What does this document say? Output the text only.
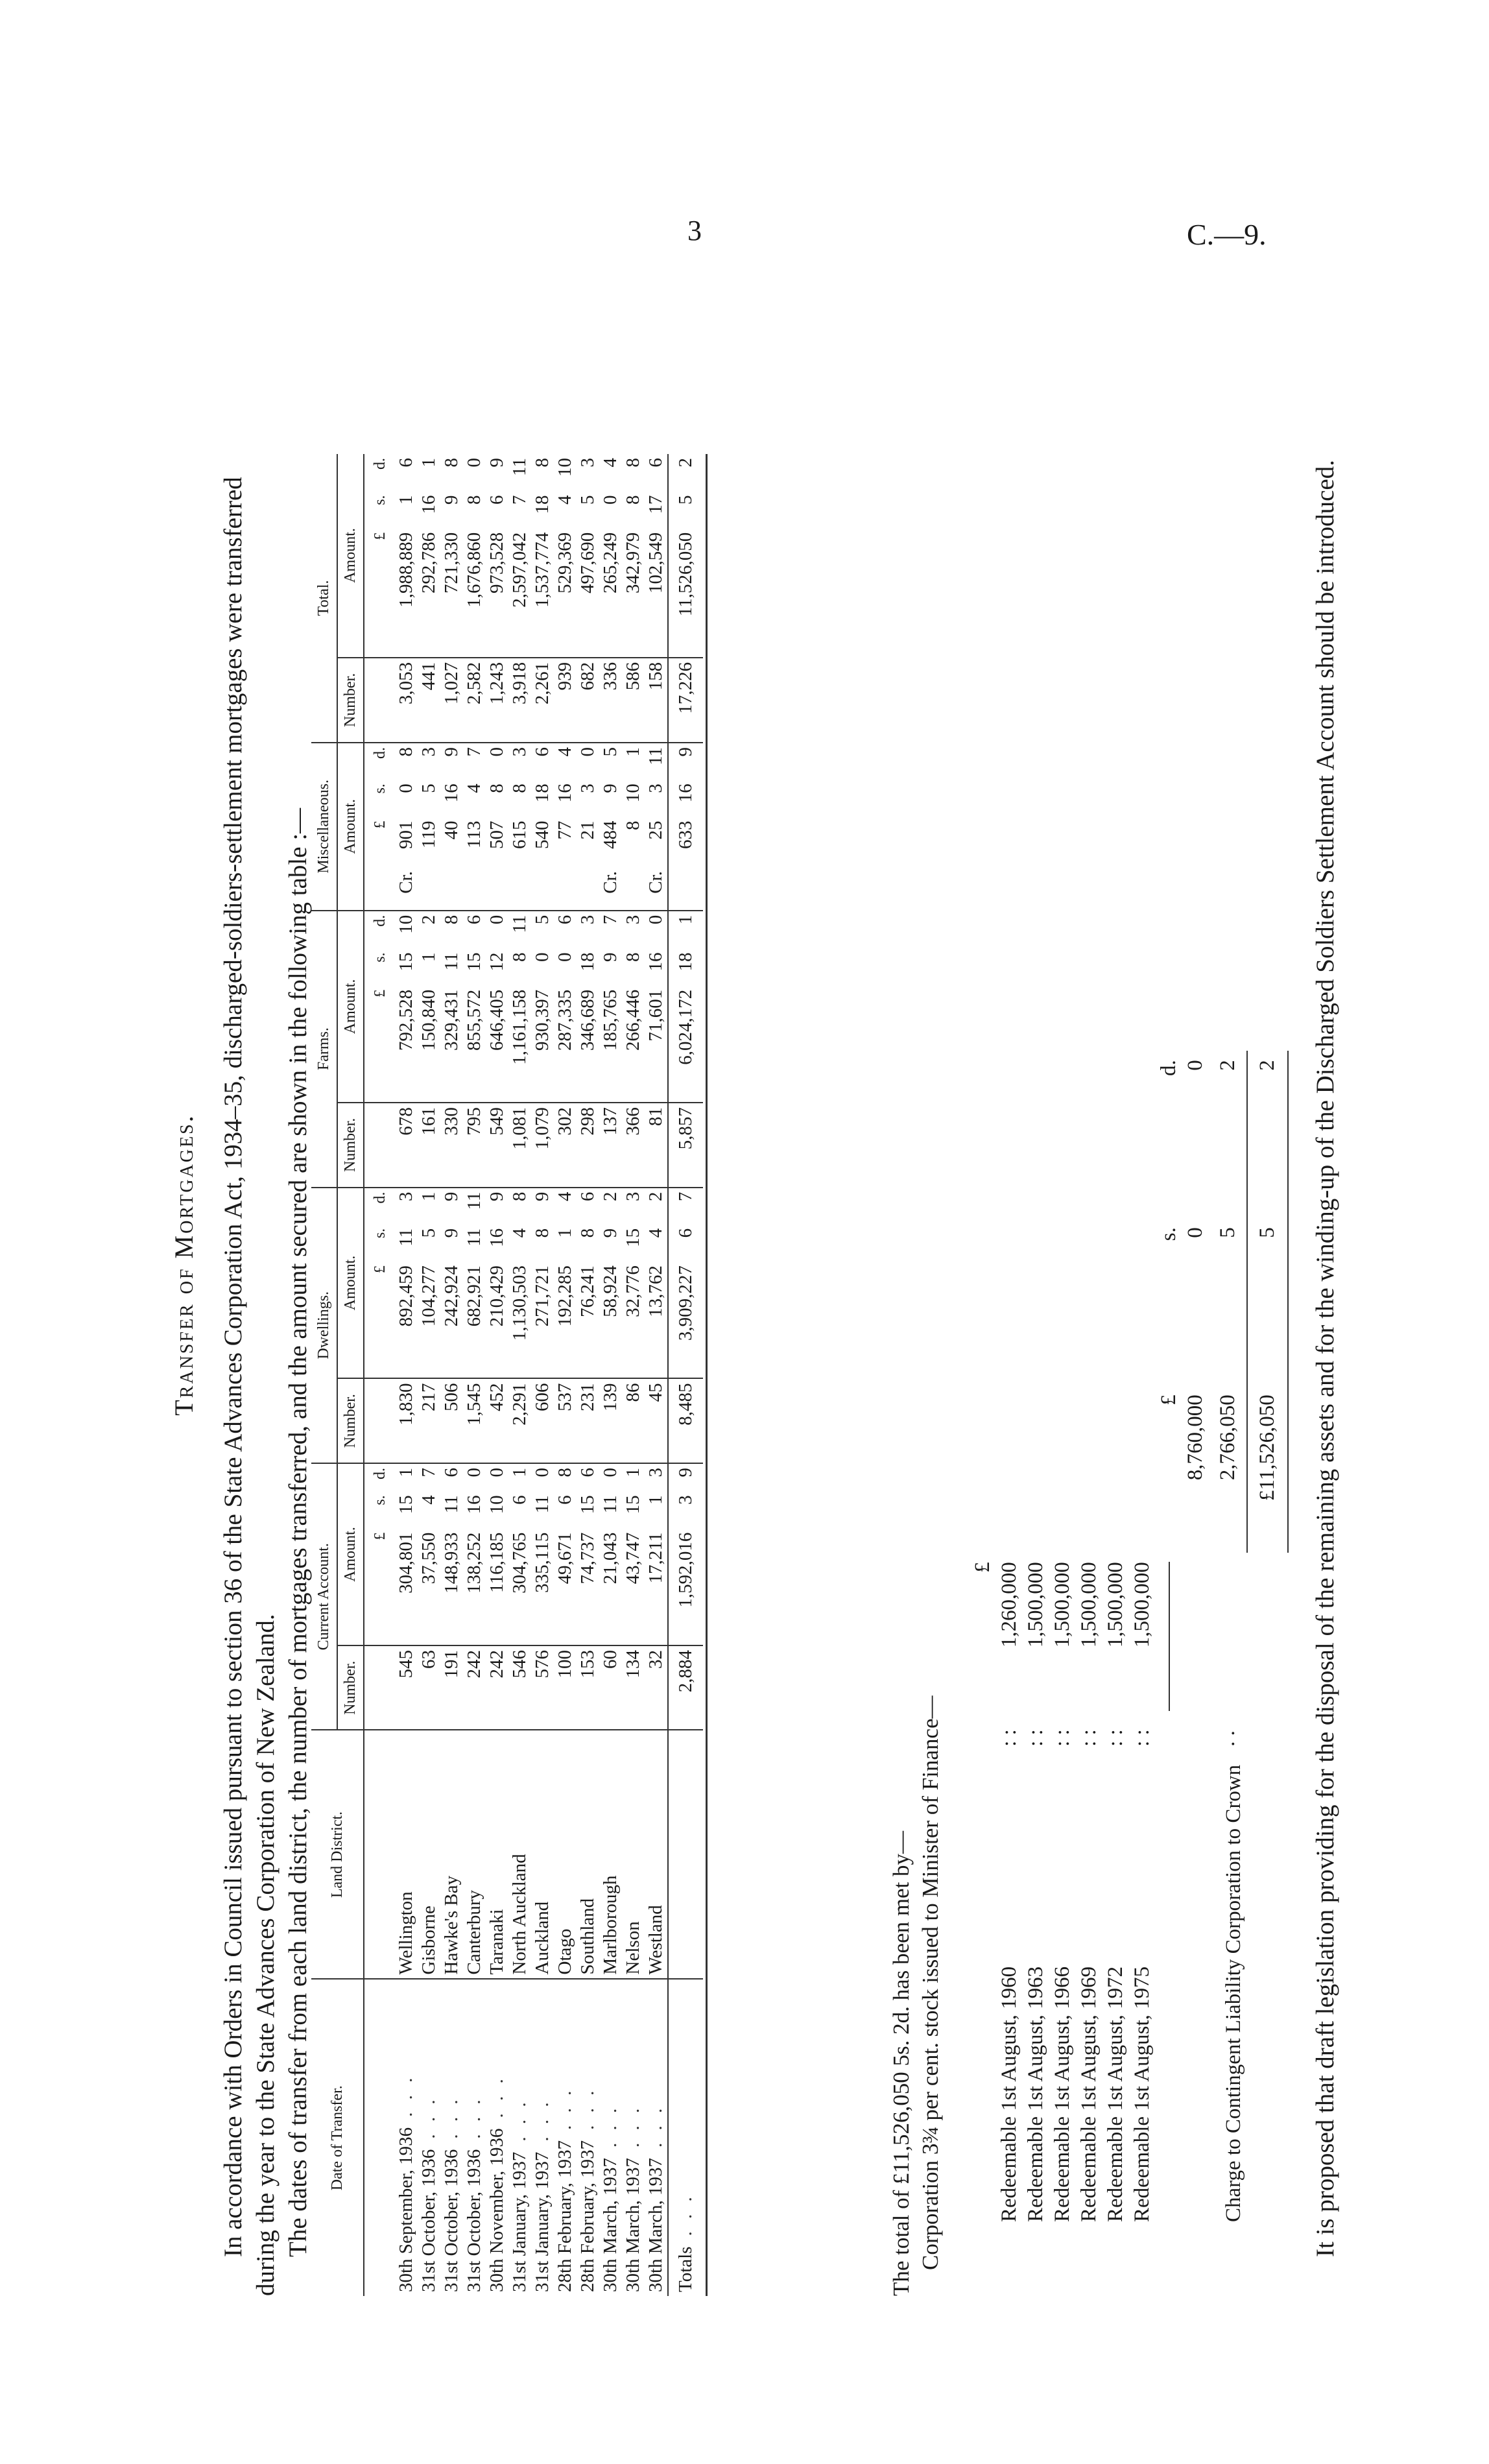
3	C.—9.
Transfer of Mortgages. In accordance with Orders in Council issued pursuant to section 36 of the State Advances Corporation Act, 1934–35, discharged-soldiers-settlement mortgages were transferred during the year to the State Advances Corporation of New Zealand. The dates of transfer from each land district, the number of mortgages transferred, and the amount secured are shown in the following table :— Date of Transfer.	Land District.	Current Account.				Dwellings.				Farms.				Miscellaneous.				Total.			
		Number.	Amount.			Number.	Amount.			Number.	Amount.			Amount.				Number.	Amount.		
			£	s.	d.		£	s.	d.		£	s.	d.		£	s.	d.		£	s.	d.
30th September, 1936. . .	Wellington	545	304,801	15	1	1,830	892,459	11	3	678	792,528	15	10	Cr.	901	0	8	3,053	1,988,889	1	6
31st October, 1936. . .	Gisborne	63	37,550	4	7	217	104,277	5	1	161	150,840	1	2		119	5	3	441	292,786	16	1
31st October, 1936. . .	Hawke's Bay	191	148,933	11	6	506	242,924	9	9	330	329,431	11	8		40	16	9	1,027	721,330	9	8
31st October, 1936. . .	Canterbury	242	138,252	16	0	1,545	682,921	11	11	795	855,572	15	6		113	4	7	2,582	1,676,860	8	0
30th November, 1936. . .	Taranaki	242	116,185	10	0	452	210,429	16	9	549	646,405	12	0		507	8	0	1,243	973,528	6	9
31st January, 1937. . .	North Auckland	546	304,765	6	1	2,291	1,130,503	4	8	1,081	1,161,158	8	11		615	8	3	3,918	2,597,042	7	11
31st January, 1937. . .	Auckland	576	335,115	11	0	606	271,721	8	9	1,079	930,397	0	5		540	18	6	2,261	1,537,774	18	8
28th February, 1937. . .	Otago	100	49,671	6	8	537	192,285	1	4	302	287,335	0	6		77	16	4	939	529,369	4	10
28th February, 1937. . .	Southland	153	74,737	15	6	231	76,241	8	6	298	346,689	18	3		21	3	0	682	497,690	5	3
30th March, 1937. . .	Marlborough	60	21,043	11	0	139	58,924	9	2	137	185,765	9	7	Cr.	484	9	5	336	265,249	0	4
30th March, 1937. . .	Nelson	134	43,747	15	1	86	32,776	15	3	366	266,446	8	3		8	10	1	586	342,979	8	8
30th March, 1937. . .	Westland	32	17,211	1	3	45	13,762	4	2	81	71,601	16	0	Cr.	25	3	11	158	102,549	17	6
Totals. . .		2,884	1,592,016	3	9	8,485	3,909,227	6	7	5,857	6,024,172	18	1		633	16	9	17,226	11,526,050	5	2

The total of £11,526,050 5s. 2d. has been met by— Corporation 3¾ per cent. stock issued to Minister of Finance—
		£			
Redeemable 1st August, 1960	: :	1,260,000			
Redeemable 1st August, 1963	: :	1,500,000			
Redeemable 1st August, 1966	: :	1,500,000			
Redeemable 1st August, 1969	: :	1,500,000			
Redeemable 1st August, 1972	: :	1,500,000			
Redeemable 1st August, 1975	: :	1,500,000			

	£	s.	d.
			8,760,000	0	0
Charge to Contingent Liability Corporation to Crown	. .		2,766,050	5	2
			£11,526,050	5	2 It is proposed that draft legislation providing for the disposal of the remaining assets and for the winding-up of the Discharged Soldiers Settlement Account should be introduced.
